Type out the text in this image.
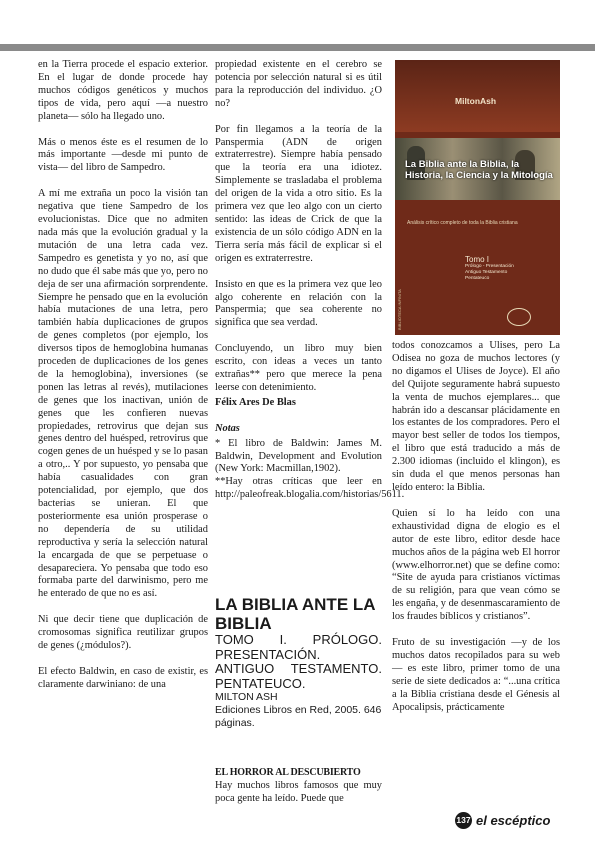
en la Tierra procede el espacio exterior. En el lugar de donde procede hay muchos códigos genéticos y muchos tipos de vida, pero aquí —a nuestro planeta— sólo ha llegado uno.

Más o menos éste es el resumen de lo más importante —desde mi punto de vista— del libro de Sampedro.

A mí me extraña un poco la visión tan negativa que tiene Sampedro de los evolucionistas. Dice que no admiten nada más que la evolución gradual y la mutación de una letra cada vez. Sampedro es genetista y yo no, así que no dudo que él sabe más que yo, pero no deja de ser una afirmación sorprendente. Siempre he pensado que en la evolución había mutaciones de una letra, pero también había duplicaciones de grupos de genes completos (por ejemplo, los diversos tipos de hemoglobina humanas proceden de duplicaciones de los genes de la hemoglobina), inversiones (se ponen las letras al revés), mutilaciones de genes que los inactivan, unión de genes que les confieren nuevas propiedades, retrovirus que dejan sus genes dentro del huésped, retrovirus que cogen genes de un huésped y se lo pasan a otro,.. Y por supuesto, yo pensaba que había casualidades con gran potencialidad, por ejemplo, que dos bacterias se unieran. El que posteriormente esa unión prosperase o no dependería de su utilidad reproductiva y sería la selección natural la encargada de que se perpetuase o desapareciera. Yo pensaba que todo eso formaba parte del darwinismo, pero me he enterado de que no es así.

Ni que decir tiene que duplicación de cromosomas significa reutilizar grupos de genes (¿módulos?).

El efecto Baldwin, en caso de existir, es claramente darwiniano: de una

propiedad existente en el cerebro se potencia por selección natural si es útil para la reproducción del individuo. ¿O no?

Por fin llegamos a la teoría de la Panspermia (ADN de origen extraterrestre). Siempre había pensado que la teoría era una idiotez. Simplemente se trasladaba el problema del origen de la vida a otro sitio. Es la primera vez que leo algo con un cierto sentido: las ideas de Crick de que la existencia de un sólo código ADN en la Tierra sería más fácil de explicar si el origen es extraterrestre.

Insisto en que es la primera vez que leo algo coherente en relación con la Panspermia; que sea coherente no significa que sea verdad.

Concluyendo, un libro muy bien escrito, con ideas a veces un tanto extrañas** pero que merece la pena leerse con detenimiento.

Félix Ares De Blas

Notas

* El libro de Baldwin: James M. Baldwin, Development and Evolution (New York: Macmillan,1902).

**Hay otras críticas que leer en http://paleofreak.blogalia.com/historias/5611.

LA BIBLIA ANTE LA BIBLIA
TOMO I. PRÓLOGO. PRESENTACIÓN. ANTIGUO TESTAMENTO. PENTATEUCO.
MILTON ASH
Ediciones Libros en Red, 2005. 646 páginas.
EL HORROR AL DESCUBIERTO
Hay muchos libros famosos que muy poca gente ha leído. Puede que
MiltonAsh
La Biblia ante la Biblia, la Historia, la Ciencia y la Mitología
Análisis crítico completo de toda la Biblia cristiana
Tomo I
Prólogo - Presentación
Antiguo Testamento
Pentateuco
BIBLIOTECA INFINITA

todos conozcamos a Ulises, pero La Odisea no goza de muchos lectores (y no digamos el Ulises de Joyce). El año del Quijote seguramente habrá supuesto la venta de muchos ejemplares... que habrán ido a descansar plácidamente en los estantes de los compradores. Pero el mayor best seller de todos los tiempos, el libro que está traducido a más de 2.300 idiomas (incluido el klingon), es sin duda el que menos personas han leído entero: la Biblia.

Quien sí lo ha leído con una exhaustividad digna de elogio es el autor de este libro, editor desde hace muchos años de la página web El horror (www.elhorror.net) que se define como: “Site de ayuda para cristianos víctimas de su religión, para que vean cómo se les engaña, y de desenmascaramiento de los fraudes bíblicos y cristianos”.

Fruto de su investigación —y de los muchos datos recopilados para su web— es este libro, primer tomo de una serie de siete dedicados a: “...una crítica a la Biblia cristiana desde el Génesis al Apocalipsis, prácticamente

137 el escéptico
